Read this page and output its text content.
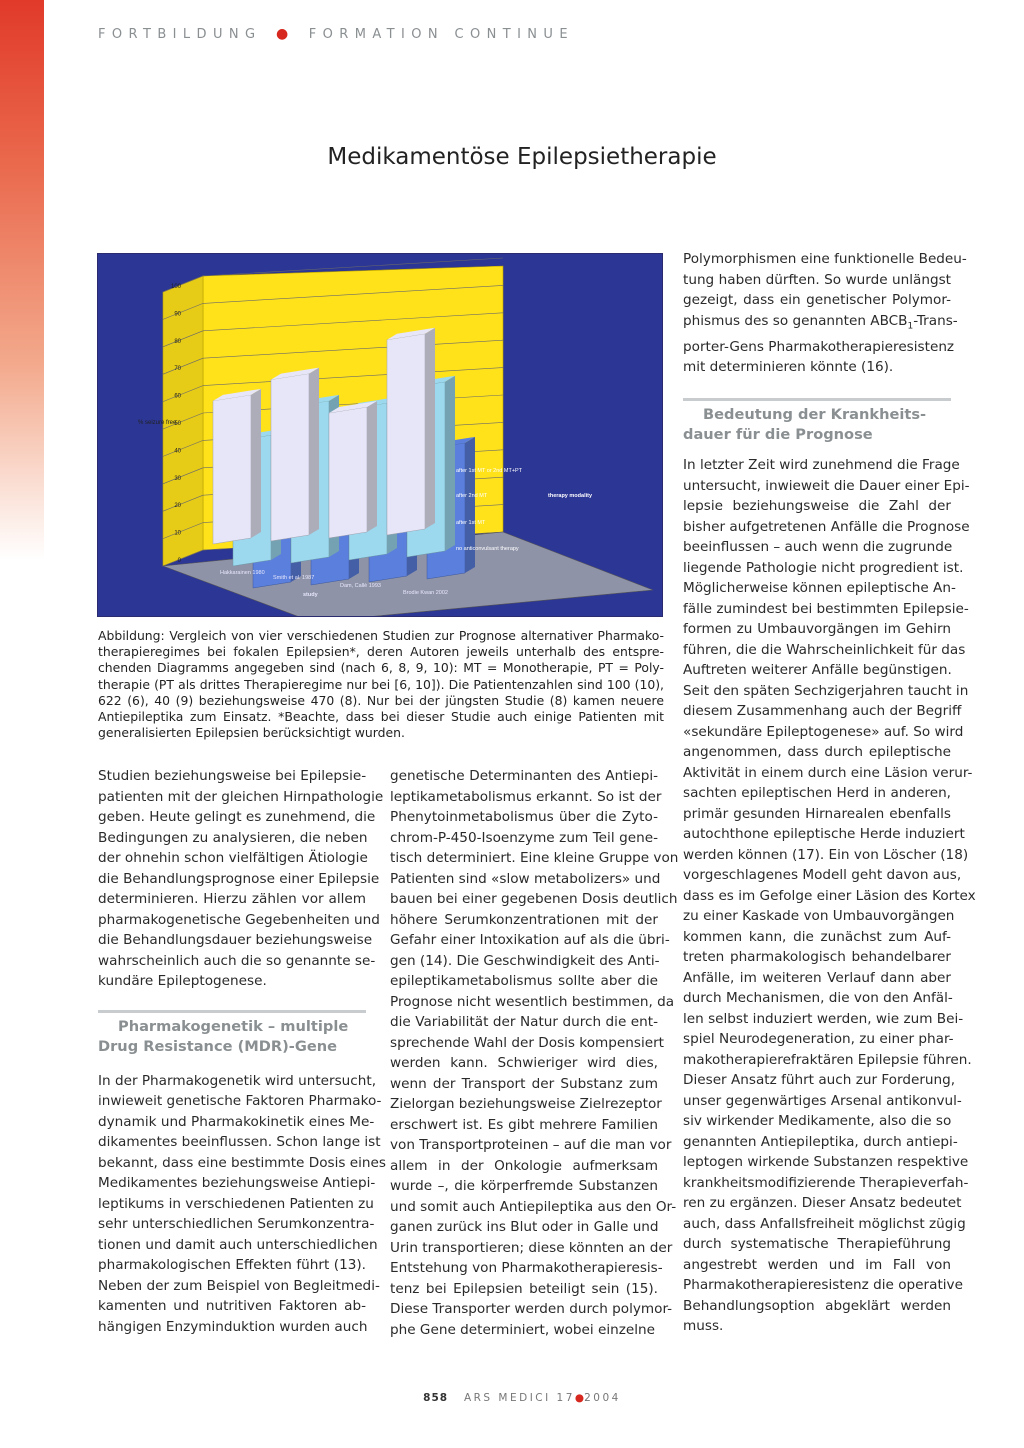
FORTBILDUNG ● FORMATION CONTINUE
Medikamentöse Epilepsietherapie
0
10
20
30
40
50
60
70
80
90
100
% seizure free
after 1st MT or 2nd MT+PT
after 2nd MT
after 1st MT
no anticonvulsant therapy
therapy modality
Hakkarainen 1980
Smith et al. 1987
Dam, Callè 1993
Brodie Kwan 2002
study

Abbildung: Vergleich von vier verschiedenen Studien zur Prognose alternativer Pharmako-

therapieregimes bei fokalen Epilepsien*, deren Autoren jeweils unterhalb des entspre-

chenden Diagramms angegeben sind (nach 6, 8, 9, 10): MT = Monotherapie, PT = Poly-

therapie (PT als drittes Therapieregime nur bei [6, 10]). Die Patientenzahlen sind 100 (10),

622 (6), 40 (9) beziehungsweise 470 (8). Nur bei der jüngsten Studie (8) kamen neuere

Antiepileptika zum Einsatz. *Beachte, dass bei dieser Studie auch einige Patienten mit

generalisierten Epilepsien berücksichtigt wurden.

Studien beziehungsweise bei Epilepsie-

patienten mit der gleichen Hirnpathologie

geben. Heute gelingt es zunehmend, die

Bedingungen zu analysieren, die neben

der ohnehin schon vielfältigen Ätiologie

die Behandlungsprognose einer Epilepsie

determinieren. Hierzu zählen vor allem

pharmakogenetische Gegebenheiten und

die Behandlungsdauer beziehungsweise

wahrscheinlich auch die so genannte se-

kundäre Epileptogenese.

Pharmakogenetik – multiple
Drug Resistance (MDR)-Gene

In der Pharmakogenetik wird untersucht,

inwieweit genetische Faktoren Pharmako-

dynamik und Pharmakokinetik eines Me-

dikamentes beeinflussen. Schon lange ist

bekannt, dass eine bestimmte Dosis eines

Medikamentes beziehungsweise Antiepi-

leptikums in verschiedenen Patienten zu

sehr unterschiedlichen Serumkonzentra-

tionen und damit auch unterschiedlichen

pharmakologischen Effekten führt (13).

Neben der zum Beispiel von Begleitmedi-

kamenten und nutritiven Faktoren ab-

hängigen Enzyminduktion wurden auch

genetische Determinanten des Antiepi-

leptikametabolismus erkannt. So ist der

Phenytoinmetabolismus über die Zyto-

chrom-P-450-Isoenzyme zum Teil gene-

tisch determiniert. Eine kleine Gruppe von

Patienten sind «slow metabolizers» und

bauen bei einer gegebenen Dosis deutlich

höhere Serumkonzentrationen mit der

Gefahr einer Intoxikation auf als die übri-

gen (14). Die Geschwindigkeit des Anti-

epileptikametabolismus sollte aber die

Prognose nicht wesentlich bestimmen, da

die Variabilität der Natur durch die ent-

sprechende Wahl der Dosis kompensiert

werden kann. Schwieriger wird dies,

wenn der Transport der Substanz zum

Zielorgan beziehungsweise Zielrezeptor

erschwert ist. Es gibt mehrere Familien

von Transportproteinen – auf die man vor

allem in der Onkologie aufmerksam

wurde –, die körperfremde Substanzen

und somit auch Antiepileptika aus den Or-

ganen zurück ins Blut oder in Galle und

Urin transportieren; diese könnten an der

Entstehung von Pharmakotherapieresis-

tenz bei Epilepsien beteiligt sein (15).

Diese Transporter werden durch polymor-

phe Gene determiniert, wobei einzelne

Polymorphismen eine funktionelle Bedeu-

tung haben dürften. So wurde unlängst

gezeigt, dass ein genetischer Polymor-

phismus des so genannten $ABCB_1-Trans-$

porter-Gens Pharmakotherapieresistenz

mit determinieren könnte (16).

Bedeutung der Krankheits-
dauer für die Prognose

In letzter Zeit wird zunehmend die Frage

untersucht, inwieweit die Dauer einer Epi-

lepsie beziehungsweise die Zahl der

bisher aufgetretenen Anfälle die Prognose

beeinflussen – auch wenn die zugrunde

liegende Pathologie nicht progredient ist.

Möglicherweise können epileptische An-

fälle zumindest bei bestimmten Epilepsie-

formen zu Umbauvorgängen im Gehirn

führen, die die Wahrscheinlichkeit für das

Auftreten weiterer Anfälle begünstigen.

Seit den späten Sechzigerjahren taucht in

diesem Zusammenhang auch der Begriff

«sekundäre Epileptogenese» auf. So wird

angenommen, dass durch epileptische

Aktivität in einem durch eine Läsion verur-

sachten epileptischen Herd in anderen,

primär gesunden Hirnarealen ebenfalls

autochthone epileptische Herde induziert

werden können (17). Ein von Löscher (18)

vorgeschlagenes Modell geht davon aus,

dass es im Gefolge einer Läsion des Kortex

zu einer Kaskade von Umbauvorgängen

kommen kann, die zunächst zum Auf-

treten pharmakologisch behandelbarer

Anfälle, im weiteren Verlauf dann aber

durch Mechanismen, die von den Anfäl-

len selbst induziert werden, wie zum Bei-

spiel Neurodegeneration, zu einer phar-

makotherapierefraktären Epilepsie führen.

Dieser Ansatz führt auch zur Forderung,

unser gegenwärtiges Arsenal antikonvul-

siv wirkender Medikamente, also die so

genannten Antiepileptika, durch antiepi-

leptogen wirkende Substanzen respektive

krankheitsmodifizierende Therapieverfah-

ren zu ergänzen. Dieser Ansatz bedeutet

auch, dass Anfallsfreiheit möglichst zügig

durch systematische Therapieführung

angestrebt werden und im Fall von

Pharmakotherapieresistenz die operative

Behandlungsoption abgeklärt werden

muss.

858 ARS MEDICI 17●2004
